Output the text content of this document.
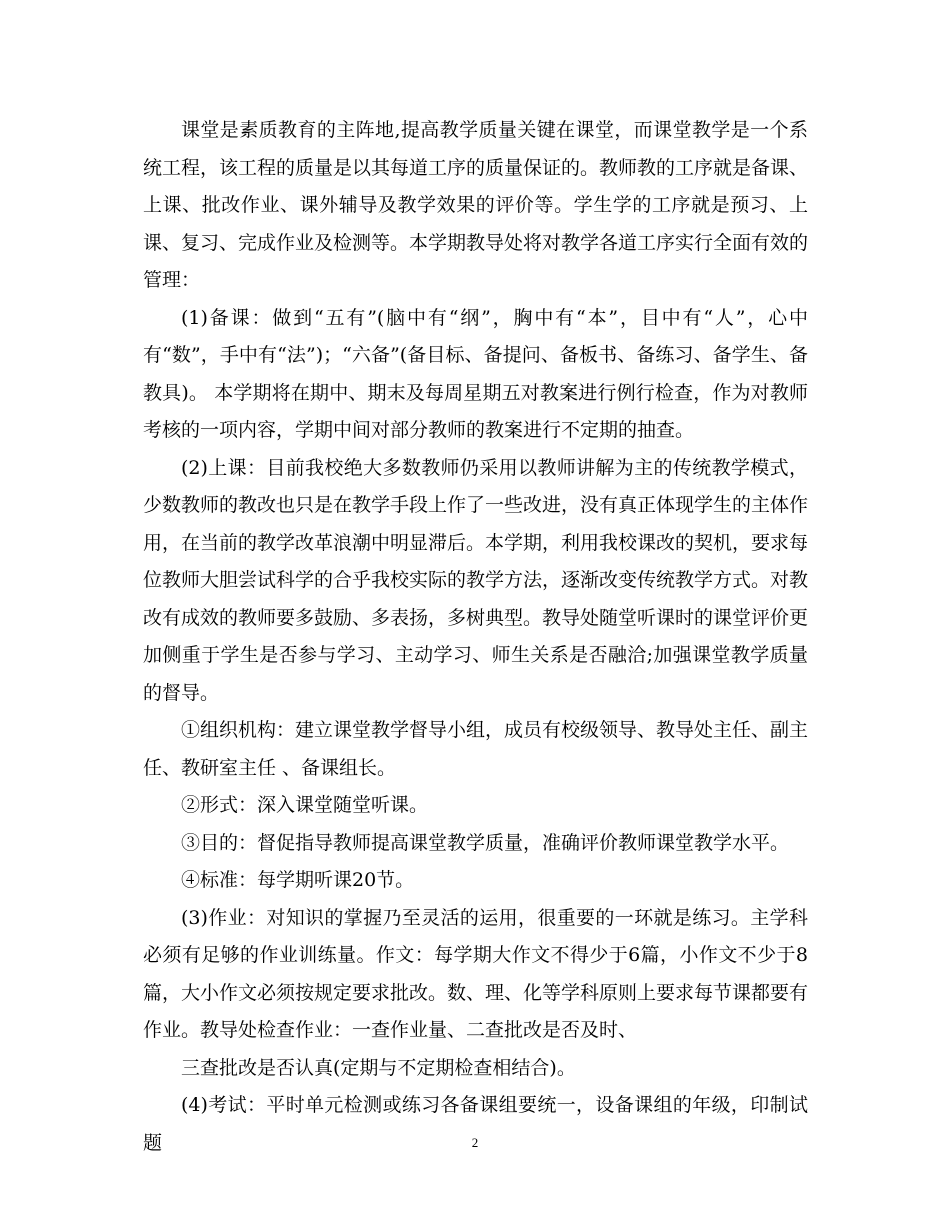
课堂是素质教育的主阵地,提高教学质量关键在课堂，而课堂教学是一个系统工程，该工程的质量是以其每道工序的质量保证的。教师教的工序就是备课、上课、批改作业、课外辅导及教学效果的评价等。学生学的工序就是预习、上课、复习、完成作业及检测等。本学期教导处将对教学各道工序实行全面有效的管理：

(1)备课：做到“五有”(脑中有“纲”，胸中有“本”，目中有“人”，心中有“数”，手中有“法”)；“六备”(备目标、备提问、备板书、备练习、备学生、备教具)。 本学期将在期中、期末及每周星期五对教案进行例行检查，作为对教师考核的一项内容，学期中间对部分教师的教案进行不定期的抽查。

(2)上课：目前我校绝大多数教师仍采用以教师讲解为主的传统教学模式，少数教师的教改也只是在教学手段上作了一些改进，没有真正体现学生的主体作用，在当前的教学改革浪潮中明显滞后。本学期，利用我校课改的契机，要求每位教师大胆尝试科学的合乎我校实际的教学方法，逐渐改变传统教学方式。对教改有成效的教师要多鼓励、多表扬，多树典型。教导处随堂听课时的课堂评价更加侧重于学生是否参与学习、主动学习、师生关系是否融洽;加强课堂教学质量的督导。

①组织机构：建立课堂教学督导小组，成员有校级领导、教导处主任、副主任、教研室主任 、备课组长。

②形式：深入课堂随堂听课。

③目的：督促指导教师提高课堂教学质量，准确评价教师课堂教学水平。

④标准：每学期听课20节。

(3)作业：对知识的掌握乃至灵活的运用，很重要的一环就是练习。主学科必须有足够的作业训练量。作文：每学期大作文不得少于6篇，小作文不少于8篇，大小作文必须按规定要求批改。数、理、化等学科原则上要求每节课都要有作业。教导处检查作业：一查作业量、二查批改是否及时、

三查批改是否认真(定期与不定期检查相结合)。

(4)考试：平时单元检测或练习各备课组要统一，设备课组的年级，印制试题	2
